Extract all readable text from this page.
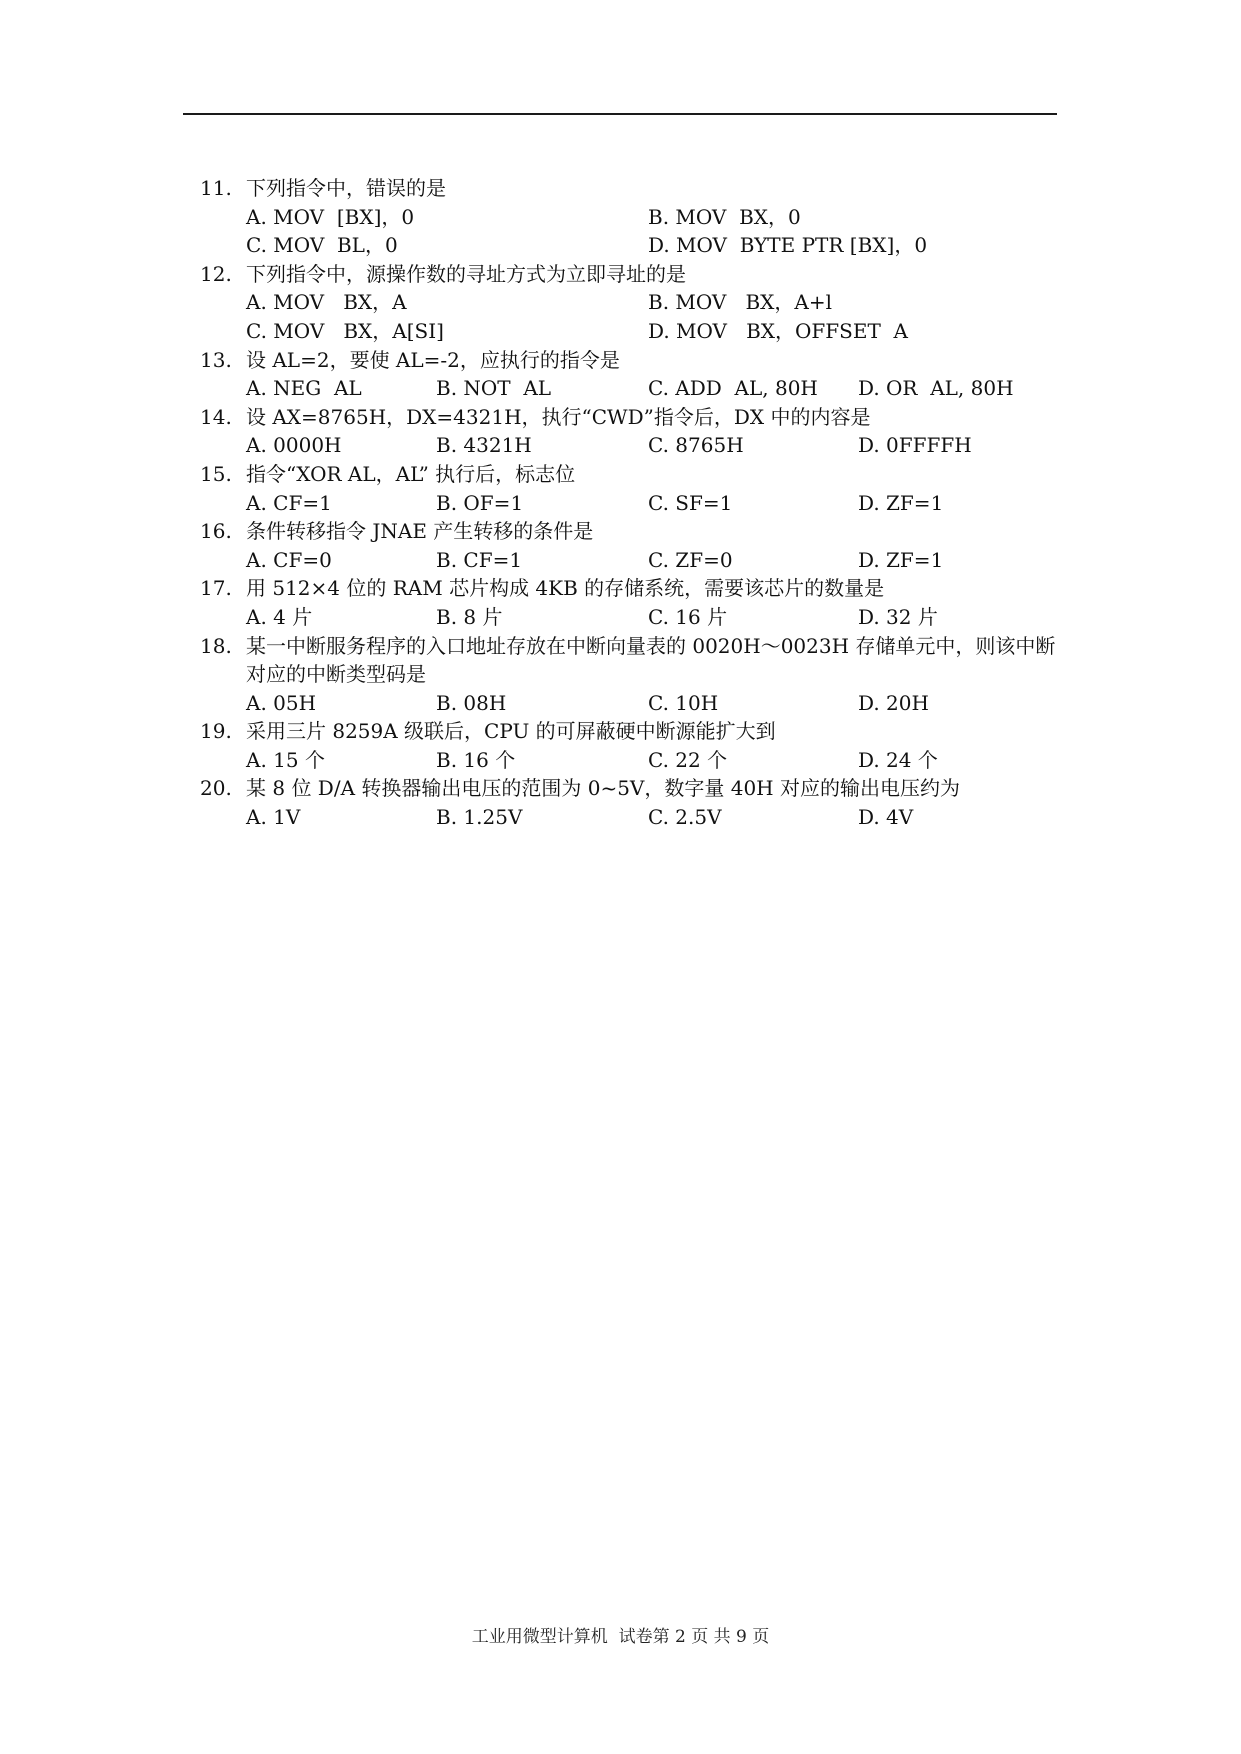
11. 下列指令中，错误的是
A. MOV  [BX]，0	B. MOV  BX，0
C. MOV  BL，0	D. MOV  BYTE PTR [BX]，0
12. 下列指令中，源操作数的寻址方式为立即寻址的是
A. MOV   BX，A	B. MOV   BX，A+l
C. MOV   BX，A[SI]	D. MOV   BX，OFFSET  A
13. 设 AL=2，要使 AL=-2，应执行的指令是
A. NEG  AL	B. NOT  AL	C. ADD  AL, 80H D. OR  AL, 80H
14. 设 AX=8765H，DX=4321H，执行“CWD”指令后，DX 中的内容是
A. 0000H	B. 4321H	C. 8765H	D. 0FFFFH
15. 指令“XOR AL，AL” 执行后，标志位
A. CF=1	B. OF=1	C. SF=1	D. ZF=1
16. 条件转移指令 JNAE 产生转移的条件是
A. CF=0	B. CF=1	C. ZF=0	D. ZF=1
17. 用 512×4 位的 RAM 芯片构成 4KB 的存储系统，需要该芯片的数量是
A. 4 片	B. 8 片	C. 16 片	D. 32 片
18. 某一中断服务程序的入口地址存放在中断向量表的 0020H～0023H 存储单元中，则该中断对应的中断类型码是
A. 05H	B. 08H	C. 10H	D. 20H
19. 采用三片 8259A 级联后，CPU 的可屏蔽硬中断源能扩大到
A. 15 个	B. 16 个	C. 22 个	D. 24 个
20. 某 8 位 D/A 转换器输出电压的范围为 0~5V，数字量 40H 对应的输出电压约为
A. 1V	B. 1.25V	C. 2.5V	D. 4V
工业用微型计算机  试卷第 2 页 共 9 页
